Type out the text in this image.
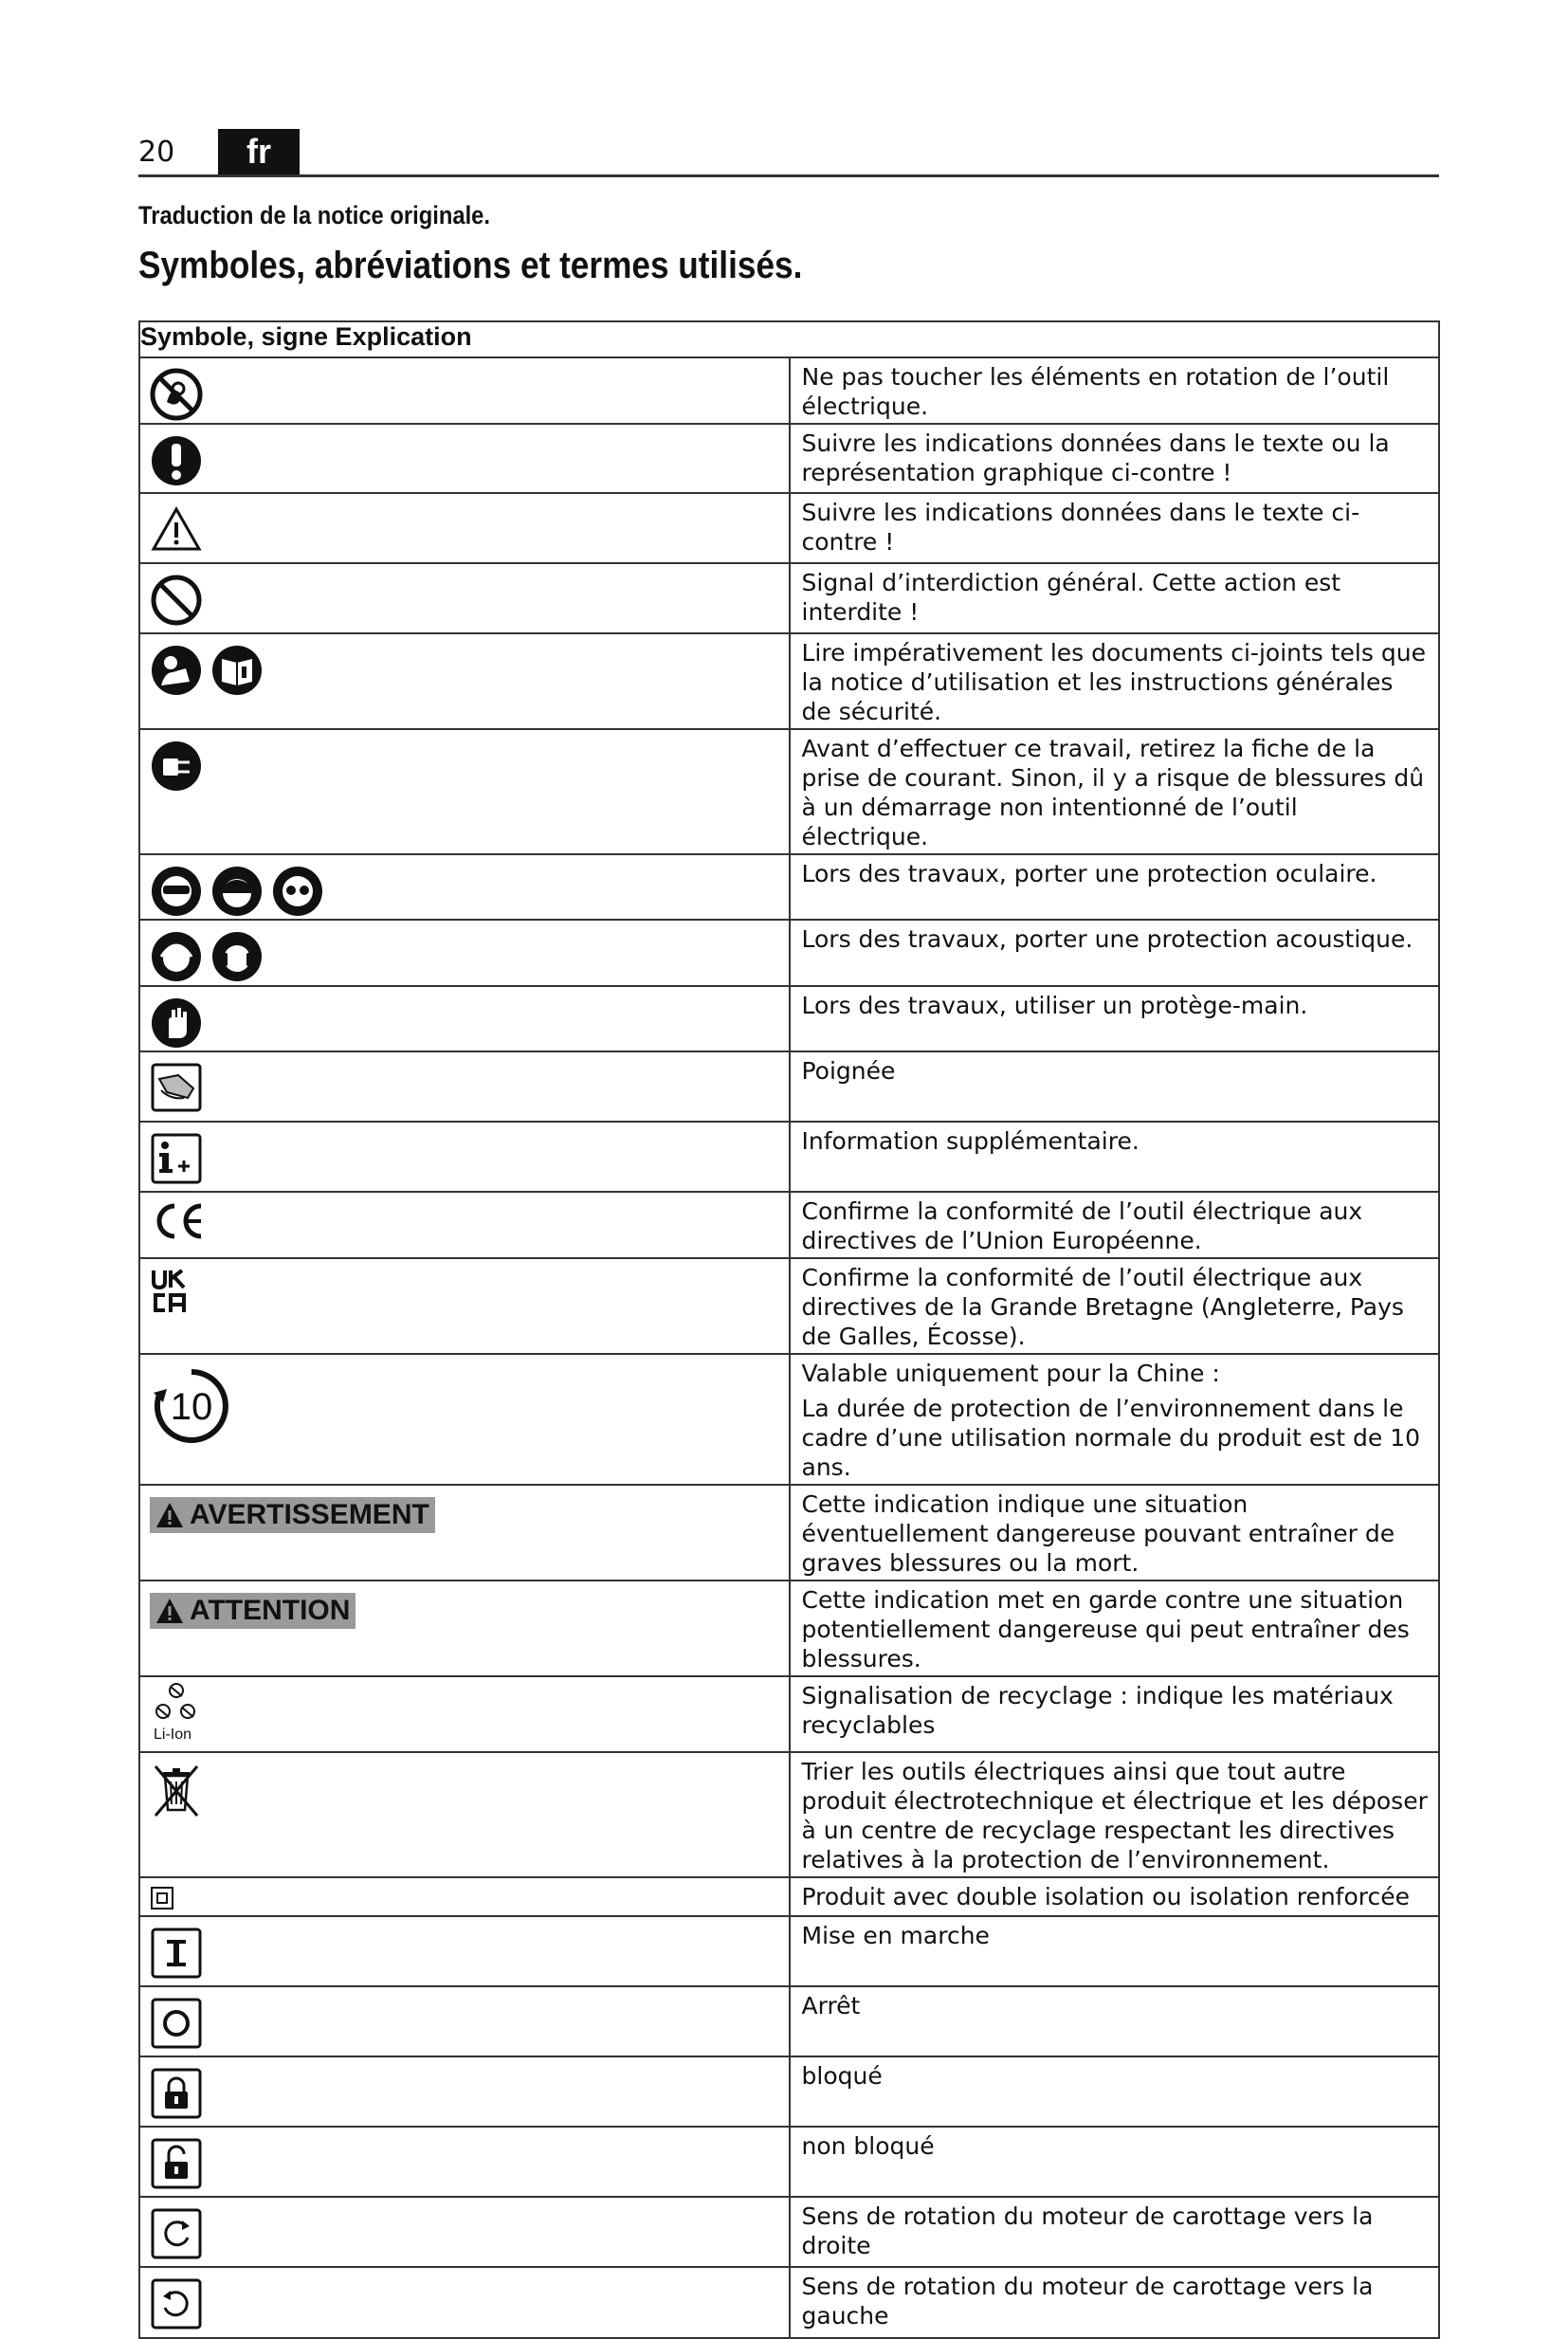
20	fr
Traduction de la notice originale.
Symboles, abréviations et termes utilisés.
Symbole, signe Explication	

Ne pas toucher les éléments en rotation de l’outil électrique.

Suivre les indications données dans le texte ou la représentation graphique ci-contre !

Suivre les indications données dans le texte ci-contre !

Signal d’interdiction général. Cette action est interdite !

Lire impérativement les documents ci-joints tels que la notice d’utilisation et les instructions générales de sécurité.

Avant d’effectuer ce travail, retirez la fiche de la prise de courant. Sinon, il y a risque de blessures dû à un démarrage non intentionné de l’outil électrique.

Lors des travaux, porter une protection oculaire.

Lors des travaux, porter une protection acoustique.

Lors des travaux, utiliser un protège-main.

Poignée

Information supplémentaire.

Confirme la conformité de l’outil électrique aux directives de l’Union Européenne.

Confirme la conformité de l’outil électrique aux directives de la Grande Bretagne (Angleterre, Pays de Galles, Écosse).

10	Valable uniquement pour la Chine :
La durée de protection de l’environnement dans le cadre d’une utilisation normale du produit est de 10 ans.

AVERTISSEMENT	Cette indication indique une situation éventuellement dangereuse pouvant entraîner de graves blessures ou la mort.

ATTENTION	Cette indication met en garde contre une situation potentiellement dangereuse qui peut entraîner des blessures.

Li-Ion	Signalisation de recyclage : indique les matériaux recyclables

Trier les outils électriques ainsi que tout autre produit électrotechnique et électrique et les déposer à un centre de recyclage respectant les directives relatives à la protection de l’environnement.

Produit avec double isolation ou isolation renforcée

Mise en marche

Arrêt

bloqué

non bloqué

Sens de rotation du moteur de carottage vers la droite

Sens de rotation du moteur de carottage vers la gauche
